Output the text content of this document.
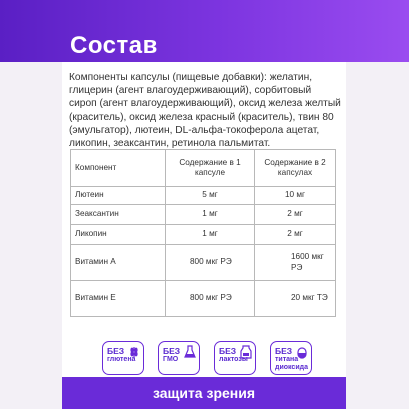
Состав
Компоненты капсулы (пищевые добавки): желатин, глицерин (агент влагоудерживающий), сорбитовый сироп (агент влагоудерживающий), оксид железа желтый (краситель), оксид железа красный (краситель), твин 80 (эмульгатор), лютеин, DL-альфа-токоферола ацетат, ликопин, зеаксантин, ретинола пальмитат.
Компонент	Содержание в 1 капсуле	Содержание в 2 капсулах
Лютеин	5 мг	10 мг
Зеаксантин	1 мг	2 мг
Ликопин	1 мг	2 мг
Витамин А	800 мкг РЭ	1600 мкг РЭ
Витамин Е	800 мкг РЭ	20 мкг ТЭ
БЕЗ
глютена
БЕЗ
ГМО
БЕЗ
лактозы
БЕЗ
титана диоксида
защита зрения
